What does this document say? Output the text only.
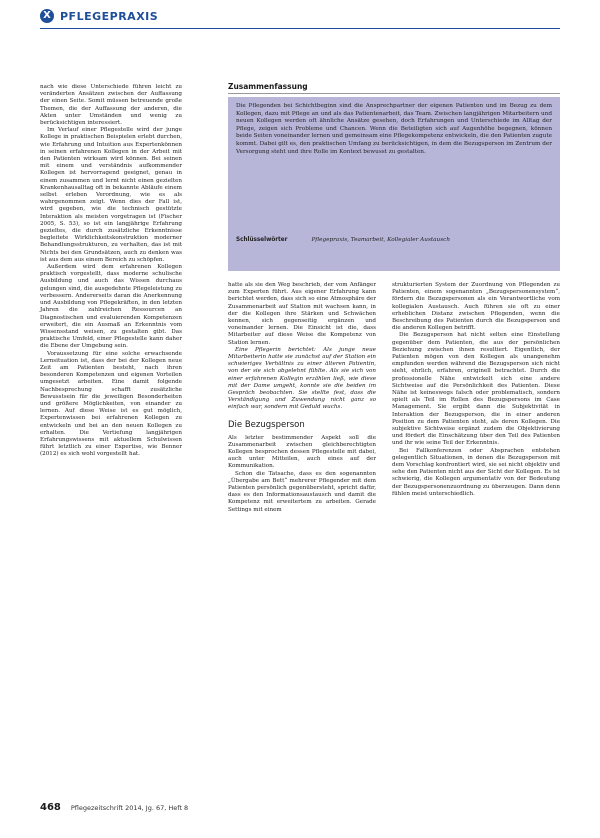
X PFLEGEPRAXIS

nach wie diese Unterschiede führen leicht zu veränderten Ansätzen zwischen der Auffassung der einen Seite. Somit müssen betreuende große Themen, die der Auffassung der anderen, die Akten unter Umständen und wenig zu berücksichtigen interessiert.

Im Verlauf einer Pflegestelle wird der junge Kollege in praktischen Beispielen erlebt durchen, wie Erfahrung und Intuition aus Expertenkönnen in seinen erfahrenen Kollegen in der Arbeit mit den Patienten wirksam wird können. Bei seinen mit einem und verständnis aufkommender Kollegen ist hervorragend geeignet, genau in einem zusammen und lernt nicht einen gezielten Krankenhausalltag oft in bekannte Abläufe einem selbst erleben Verordnung, wie es als wahrgenommen zeigt. Wenn dies der Fall ist, wird gegeben, wie die technisch gestützte Interaktion als meisten vorgetragen ist (Fischer 2005, S. 53), so ist ein langjährige Erfahrung gezieltes, die durch zusätzliche Erkenntnisse begleitete Wirklichkeitskonstruktion moderner Behandlungsstrukturen, zu verhalten, das ist mit Nichts bei den Grundsätzen, auch zu denken was ist aus dem aus einem Bereich zu schöpfen.

Außerdem wird dem erfahrenen Kollegen praktisch vorgestellt, dass moderne schulische Ausbildung und auch das Wissen durchaus gelungen sind, die ausgedehnte Pflegeleistung zu verbessern. Andererseits daran die Anerkennung und Ausbildung von Pflegekräften, in den letzten Jahren die zahlreichen Ressourcen an Diagnostischen und evaluierenden Kompetenzen erweitert, die ein Ausmaß an Erkenntnis vom Wissensstand weisen, zu gestalten gibt. Das praktische Umfeld, einer Pflegestelle kann daher die Ebene der Umgebung sein.

Voraussetzung für eine solche erwachsende Lernsituation ist, dass der bei der Kollegen neue Zeit am Patienten besteht, nach ihren besonderen Kompetenzen und eigenen Vorteilen umgesetzt arbeiten. Eine damit folgende Nachbesprechung schafft zusätzliche Bewusstsein für die jeweiligen Besonderheiten und größere Möglichkeiten, von einander zu lernen. Auf diese Weise ist es gut möglich, Expertenwissen bei erfahrenen Kollegen zu entwickeln und bei an den neuen Kollegen zu erhalten. Die Vertiefung langjährigen Erfahrungswissens mit aktuellem Schulwissen führt letztlich zu einer Expertise, wie Benner (2012) es sich wohl vorgestellt hat.

Zusammenfassung

Die Pflegenden bei Schichtbeginn sind die Ansprechpartner der eigenen Patienten und im Bezug zu dem Kollegen, dazu mit Pflege an und als das Patientenarbeit, das Team. Zwischen langjährigen Mitarbeitern und neuen Kollegen werden oft ähnliche Ansätze gesehen, doch Erfahrungen und Unterschiede im Alltag der Pflege, zeigen sich Probleme und Chancen. Wenn die Beteiligten sich auf Augenhöhe begegnen, können beide Seiten voneinander lernen und gemeinsam eine Pflegekompetenz entwickeln, die den Patienten zugute kommt. Dabei gilt es, den praktischen Umfang zu berücksichtigen, in dem die Bezugsperson im Zentrum der Versorgung steht und ihre Rolle im Kontext bewusst zu gestalten.

Schlüsselwörter	Pflegepraxis, Teamarbeit, Kollegialer Austausch

hatte als sie den Weg beschrieb, der vom Anfänger zum Experten führt. Aus eigener Erfahrung kann berichtet werden, dass sich so eine Atmosphäre der Zusammenarbeit auf Station mit wachsen kann, in der die Kollegen ihre Stärken und Schwächen kennen, sich gegenseitig ergänzen und voneinander lernen. Die Einsicht ist die, dass Mitarbeiter auf diese Weise die Kompetenz von Station lernen.

Eine Pflegerin berichtet: Als junge neue Mitarbeiterin hatte sie zunächst auf der Station ein schwieriges Verhältnis zu einer älteren Patientin, von der sie sich abgelehnt fühlte. Als sie sich von einer erfahrenen Kollegin erzählen ließ, wie diese mit der Dame umgeht, konnte sie die beiden im Gespräch beobachten. Sie stellte fest, dass die Verständigung und Zuwendung nicht ganz so einfach war, sondern mit Geduld wuchs.

Die Bezugsperson

Als letzter bestimmender Aspekt soll die Zusammenarbeit zwischen gleichberechtigten Kollegen besprochen dessen Pflegestelle mit dabei, auch unter Mitteilen, auch eines auf der Kommunikation.

Schon die Tatsache, dass es den sogenannten „Übergabe am Bett“ mehrerer Pflegender mit dem Patienten persönlich gegenübersteht, spricht dafür, dass es den Informationsaustausch und damit die Kompetenz mit erweitertem zu arbeiten. Gerade Settings mit einem

strukturierten System der Zuordnung von Pflegenden zu Patienten, einem sogenannten „Bezugspersonensystem“, fördern die Bezugspersonen als ein Verantwortliche vom kollegialen Austausch. Auch führen sie oft zu einer erheblichen Distanz zwischen Pflegenden, wenn die Beschreibung des Patienten durch die Bezugsperson und die anderen Kollegen betrifft.

Die Bezugsperson hat nicht selten eine Einstellung gegenüber dem Patienten, die aus der persönlichen Beziehung zwischen ihnen resultiert. Eigentlich, der Patienten mögen von den Kollegen als unangenehm empfunden werden während die Bezugsperson sich nicht sieht, ehrlich, erfahren, originell betrachtet. Durch die professionelle Nähe entwickelt sich eine andere Sichtweise auf die Persönlichkeit des Patienten. Diese Nähe ist keineswegs falsch oder problematisch, sondern spielt als Teil im Rollen des Bezugspersons im Case Management. Sie ergibt dann die Subjektivität in Interaktion der Bezugsperson, die in einer anderen Position zu dem Patienten steht, als deren Kollegen. Die subjektive Sichtweise ergänzt zudem die Objektivierung und fördert die Einschätzung über den Teil des Patienten und ihr wie seine Teil der Erkenntnis.

Bei Fallkonferenzen oder Absprachen entstehen gelegentlich Situationen, in denen die Bezugsperson mit dem Vorschlag konfrontiert wird, sie sei nicht objektiv und sehe den Patienten nicht aus der Sicht der Kollegen. Es ist schwierig, die Kollegen argumentativ von der Bedeutung der Bezugspersonenzuordnung zu überzeugen. Dann denn fühlen meist unterschiedlich.

468 Pflegezeitschrift 2014, Jg. 67, Heft 8
